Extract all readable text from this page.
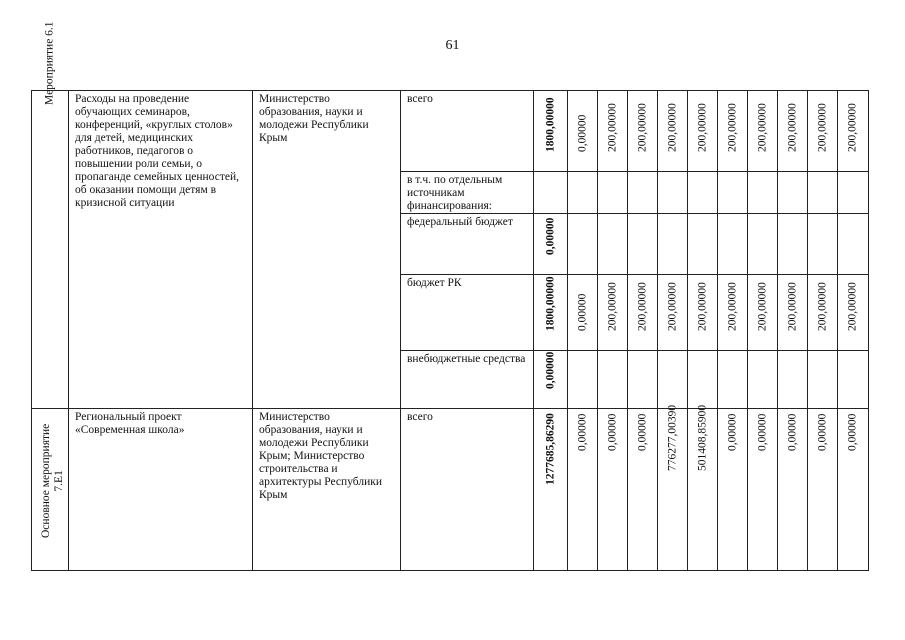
61
Мероприятие 6.1	Расходы на проведение обучающих семинаров, конференций, «круглых столов» для детей, медицинских работников, педагогов о повышении роли семьи, о пропаганде семейных ценностей, об оказании помощи детям в кризисной ситуации	Министерство образования, науки и молодежи Республики Крым	всего	1800,00000	0,00000	200,00000	200,00000	200,00000	200,00000	200,00000	200,00000	200,00000	200,00000	200,00000

			в т.ч. по отдельным источникам финансирования:											

			федеральный бюджет	0,00000										

			бюджет РК	1800,00000	0,00000	200,00000	200,00000	200,00000	200,00000	200,00000	200,00000	200,00000	200,00000	200,00000

			внебюджетные средства	0,00000										

Основное мероприятие 7.Е1	Региональный проект «Современная школа»	Министерство образования, науки и молодежи Республики Крым; Министерство строительства и архитектуры Республики Крым	всего	1277685,86290	0,00000	0,00000	0,00000	776277,00390	501408,85900	0,00000	0,00000	0,00000	0,00000	0,00000
